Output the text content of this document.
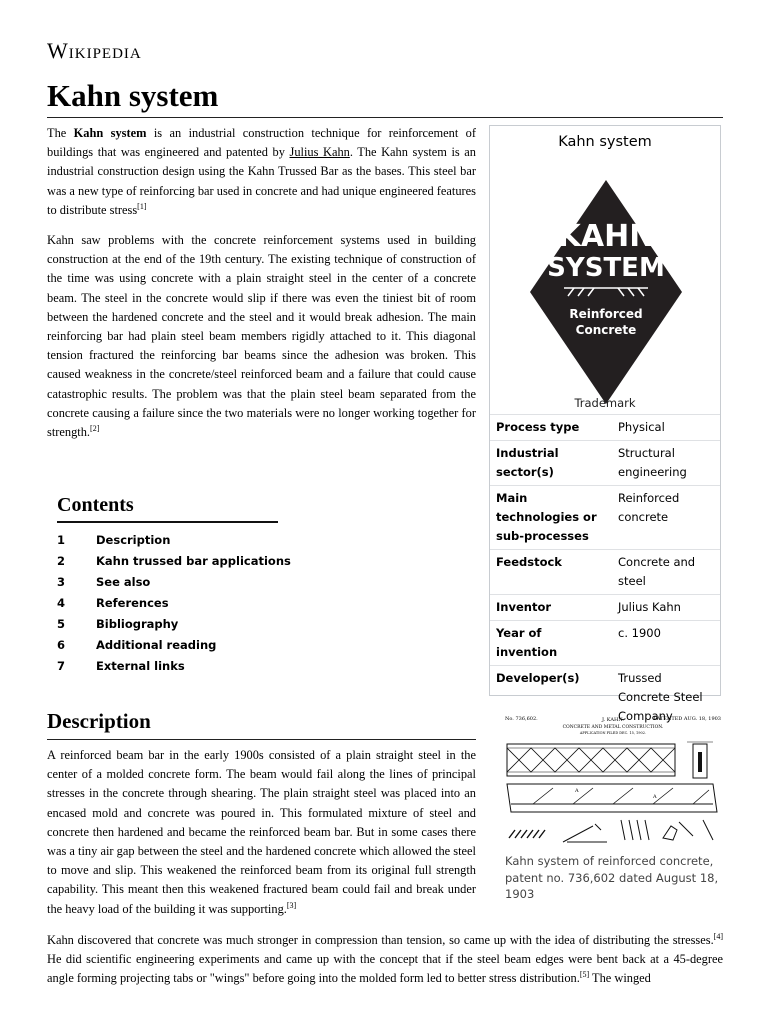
Wikipedia
Kahn system

The Kahn system is an industrial construction technique for reinforcement of buildings that was engineered and patented by Julius Kahn. The Kahn system is an industrial construction design using the Kahn Trussed Bar as the bases. This steel bar was a new type of reinforcing bar used in concrete and had unique engineered features to distribute stress[1]

Kahn saw problems with the concrete reinforcement systems used in building construction at the end of the 19th century. The existing technique of construction of the time was using concrete with a plain straight steel in the center of a concrete beam. The steel in the concrete would slip if there was even the tiniest bit of room between the hardened concrete and the steel and it would break adhesion. The main reinforcing bar had plain steel beam members rigidly attached to it. This diagonal tension fractured the reinforcing bar beams since the adhesion was broken. This caused weakness in the concrete/steel reinforced beam and a failure that could cause catastrophic results. The problem was that the plain steel beam separated from the concrete causing a failure since the two materials were no longer working together for strength.[2]

Contents
1	Description
2	Kahn trussed bar applications
3	See also
4	References
5	Bibliography
6	Additional reading
7	External links
Description

A reinforced beam bar in the early 1900s consisted of a plain straight steel in the center of a molded concrete form. The beam would fail along the lines of principal stresses in the concrete through shearing. The plain straight steel was placed into an encased mold and concrete was poured in. This formulated mixture of steel and concrete then hardened and became the reinforced beam bar. But in some cases there was a tiny air gap between the steel and the hardened concrete which allowed the steel to move and slip. This weakened the reinforced beam from its original full strength capability. This meant then this weakened fractured beam could fail and break under the heavy load of the building it was supporting.[3]

Kahn discovered that concrete was much stronger in compression than tension, so came up with the idea of distributing the stresses.[4] He did scientific engineering experiments and came up with the concept that if the steel beam edges were bent back at a 45-degree angle forming projecting tabs or "wings" before going into the molded form led to better stress distribution.[5] The winged

Kahn system
KAHN
SYSTEM
Reinforced
Concrete
Trademark
Process type	Physical
Industrial sector(s)	Structural engineering
Main technologies or sub-processes	Reinforced concrete
Feedstock	Concrete and steel
Inventor	Julius Kahn
Year of invention	c. 1900
Developer(s)	Trussed Concrete Steel Company
No. 736,602.	J. KAHN.	PATENTED AUG. 18, 1903
CONCRETE AND METAL CONSTRUCTION.
APPLICATION FILED DEC. 15, 1902.
A
A

Kahn system of reinforced concrete, patent no. 736,602 dated August 18, 1903
